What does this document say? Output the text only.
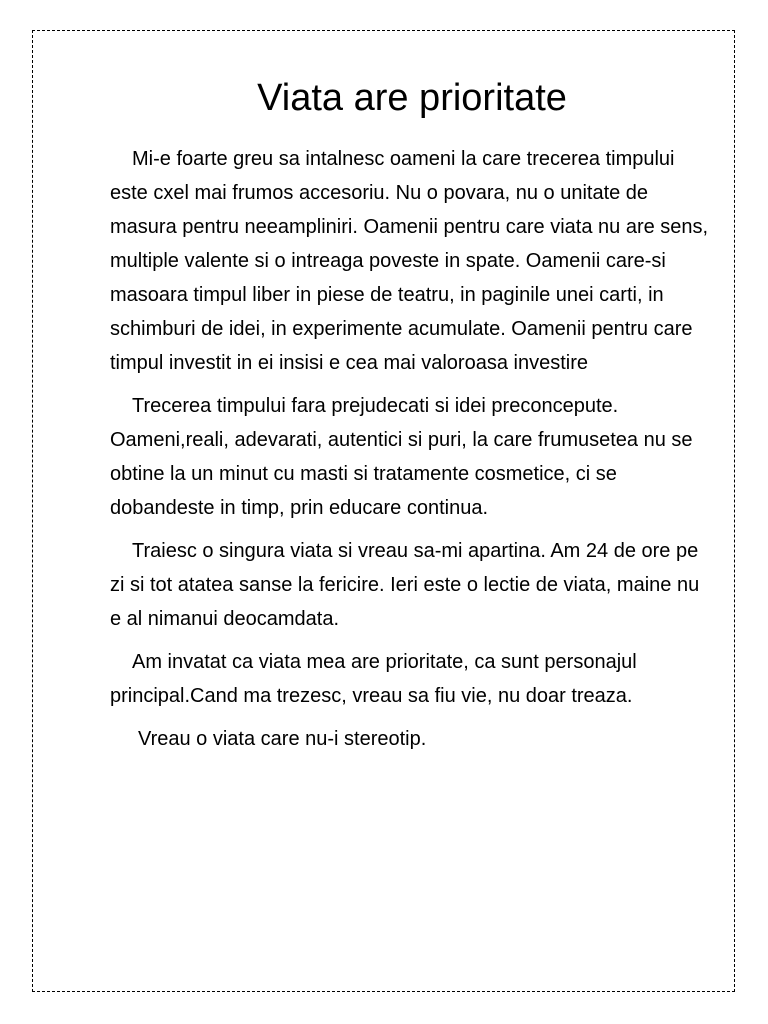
Viata are prioritate

Mi-e foarte greu sa intalnesc oameni la care trecerea timpului este cxel mai frumos accesoriu. Nu o povara, nu o unitate de masura pentru neeampliniri. Oamenii pentru care viata nu are sens, multiple valente si o intreaga poveste in spate. Oamenii care-si masoara timpul liber in piese de teatru, in paginile unei carti, in schimburi de idei, in experimente acumulate. Oamenii pentru care timpul investit in ei insisi e cea mai valoroasa investire

Trecerea timpului fara prejudecati si idei preconcepute. Oameni,reali, adevarati, autentici si puri, la care frumusetea nu se obtine la un minut cu masti si tratamente cosmetice, ci se dobandeste in timp, prin educare continua.

Traiesc o singura viata si vreau sa-mi apartina. Am 24 de ore pe zi si tot atatea sanse la fericire. Ieri este o lectie de viata, maine nu e al nimanui deocamdata.

Am invatat ca viata mea are prioritate, ca sunt personajul principal.Cand ma trezesc, vreau sa fiu vie, nu doar treaza.

Vreau o viata care nu-i stereotip.
